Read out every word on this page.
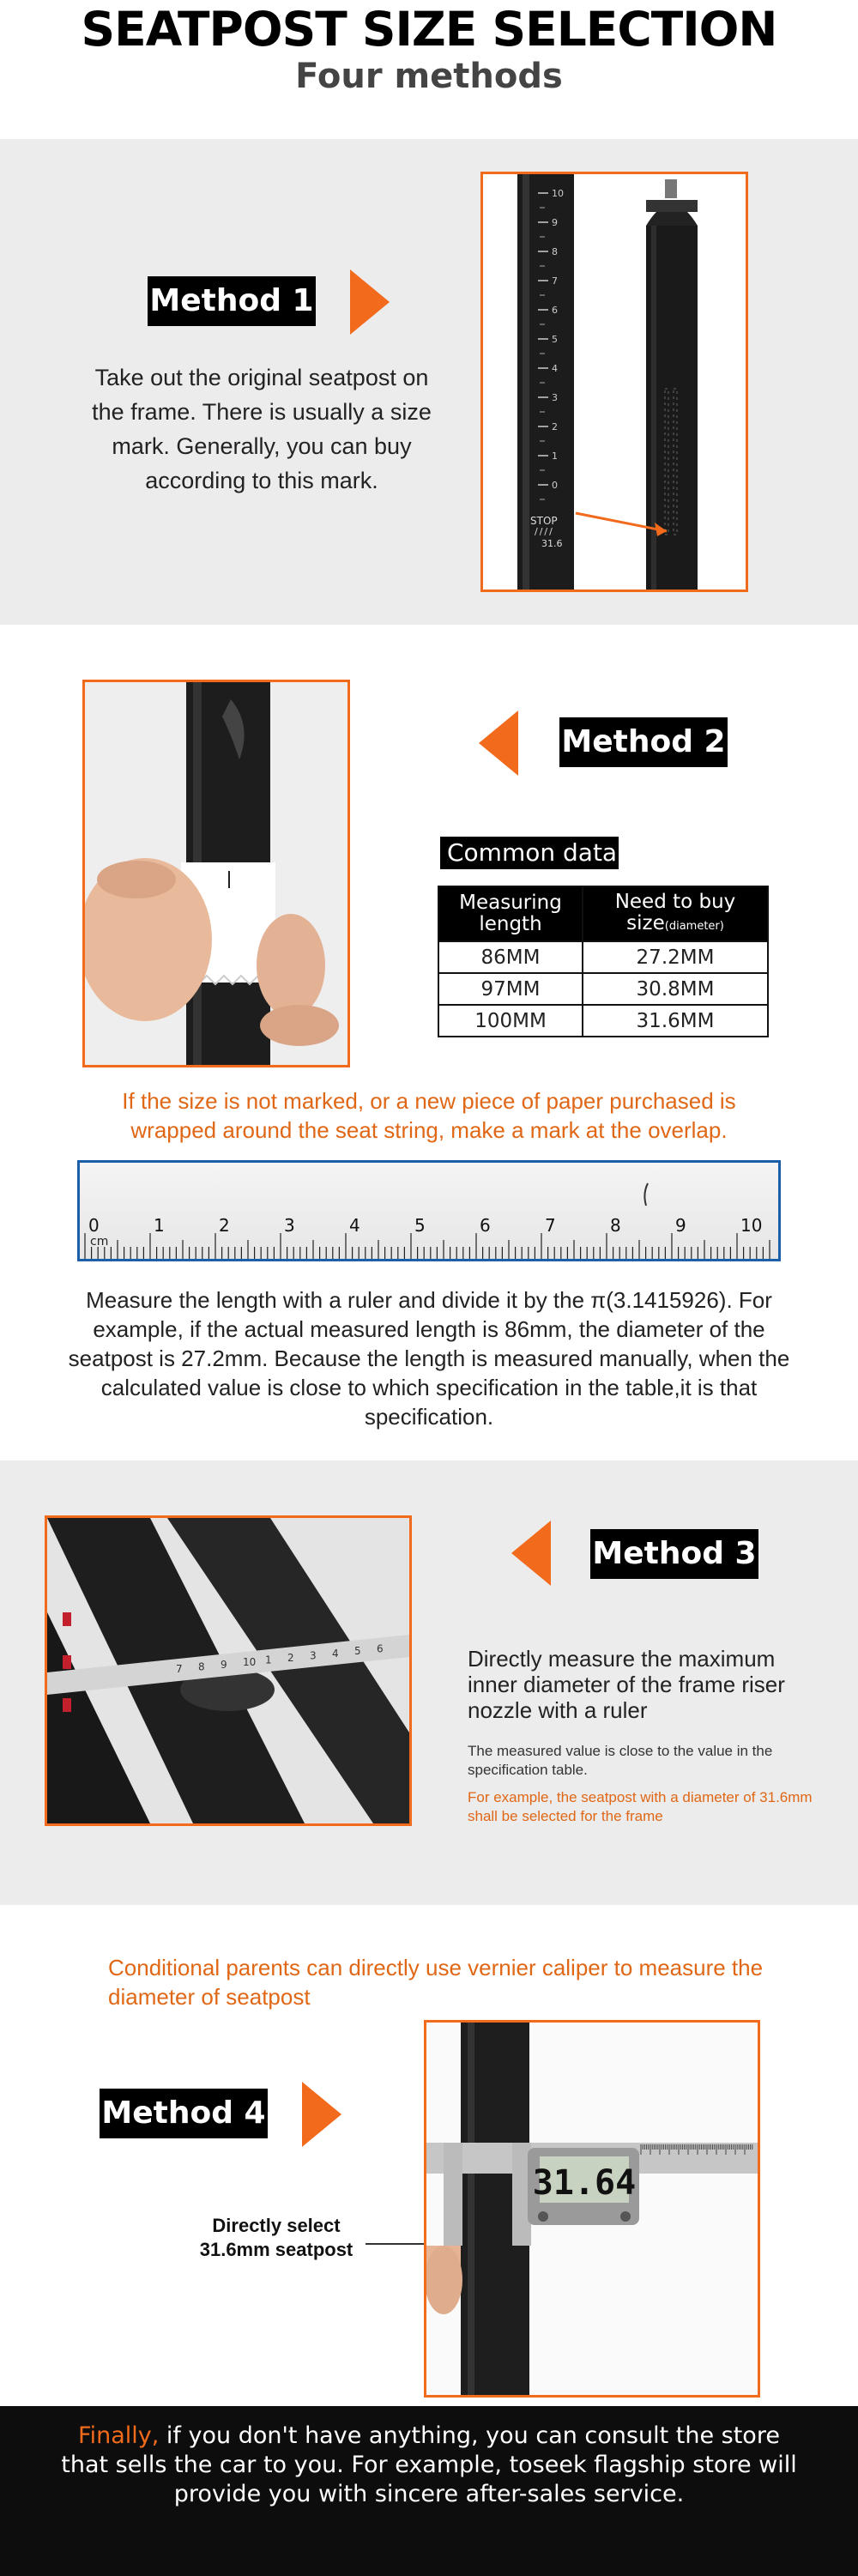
SEATPOST SIZE SELECTION
Four methods
Method 1
Take out the original seatpost on the frame. There is usually a size mark. Generally, you can buy according to this mark.
10
9
8
7
6
5
4
3
2
1
0
STOP
////
31.6
Method 2
Common data
Measuring length	Need to buy size(diameter)
86MM	27.2MM
97MM	30.8MM
100MM	31.6MM
If the size is not marked, or a new piece of paper purchased is wrapped around the seat string, make a mark at the overlap.
0	1	2	3	4	5	6	7	8	9	10
cm
Measure the length with a ruler and divide it by the π(3.1415926). For example, if the actual measured length is 86mm, the diameter of the seatpost is 27.2mm. Because the length is measured manually, when the calculated value is close to which specification in the table,it is that specification.
7 8 9 10 1 2 3 4 5 6
Method 3
Directly measure the maximum inner diameter of the frame riser nozzle with a ruler
The measured value is close to the value in the specification table.
For example, the seatpost with a diameter of 31.6mm shall be selected for the frame
Conditional parents can directly use vernier caliper to measure the diameter of seatpost
Method 4
Directly select 31.6mm seatpost
31.64
Finally, if you don't have anything, you can consult the store that sells the car to you. For example, toseek flagship store will provide you with sincere after-sales service.
